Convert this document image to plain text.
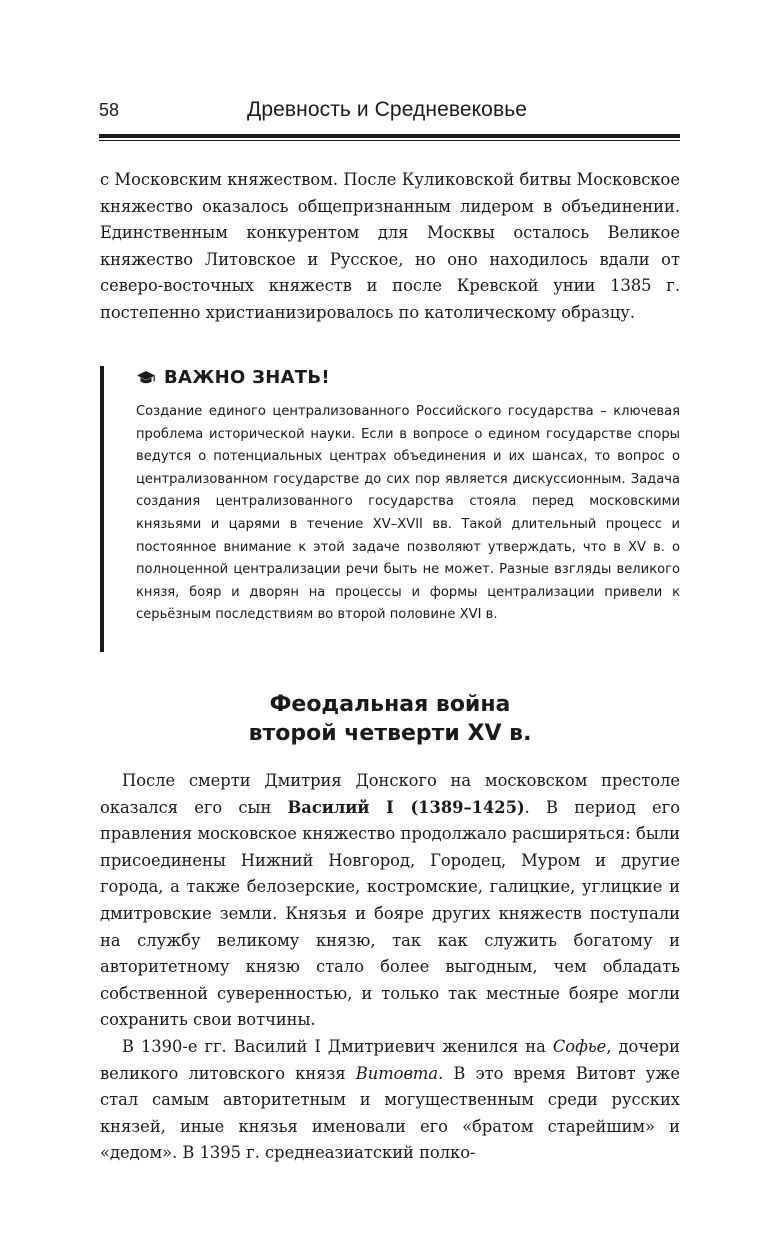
58	Древность и Средневековье

с Московским княжеством. После Куликовской битвы Московское княжество оказалось общепризнанным лидером в объединении. Единственным конкурентом для Москвы осталось Великое княжество Литовское и Русское, но оно находилось вдали от северо-восточных княжеств и после Кревской унии 1385 г. постепенно христианизировалось по католическому образцу.

ВАЖНО ЗНАТЬ!

Создание единого централизованного Российского государства – ключевая проблема исторической науки. Если в вопросе о едином государстве споры ведутся о потенциальных центрах объединения и их шансах, то вопрос о централизованном государстве до сих пор является дискуссионным. Задача создания централизованного государства стояла перед московскими князьями и царями в течение XV–XVII вв. Такой длительный процесс и постоянное внимание к этой задаче позволяют утверждать, что в XV в. о полноценной централизации речи быть не может. Разные взгляды великого князя, бояр и дворян на процессы и формы централизации привели к серьёзным последствиям во второй половине XVI в.

Феодальная война
второй четверти XV в.

После смерти Дмитрия Донского на московском престоле оказался его сын Василий I (1389–1425). В период его правления московское княжество продолжало расширяться: были присоединены Нижний Новгород, Городец, Муром и другие города, а также белозерские, костромские, галицкие, углицкие и дмитровские земли. Князья и бояре других княжеств поступали на службу великому князю, так как служить богатому и авторитетному князю стало более выгодным, чем обладать собственной суверенностью, и только так местные бояре могли сохранить свои вотчины.

В 1390-е гг. Василий I Дмитриевич женился на Софье, дочери великого литовского князя Витовта. В это время Витовт уже стал самым авторитетным и могущественным среди русских князей, иные князья именовали его «братом старейшим» и «дедом». В 1395 г. среднеазиатский полко-
